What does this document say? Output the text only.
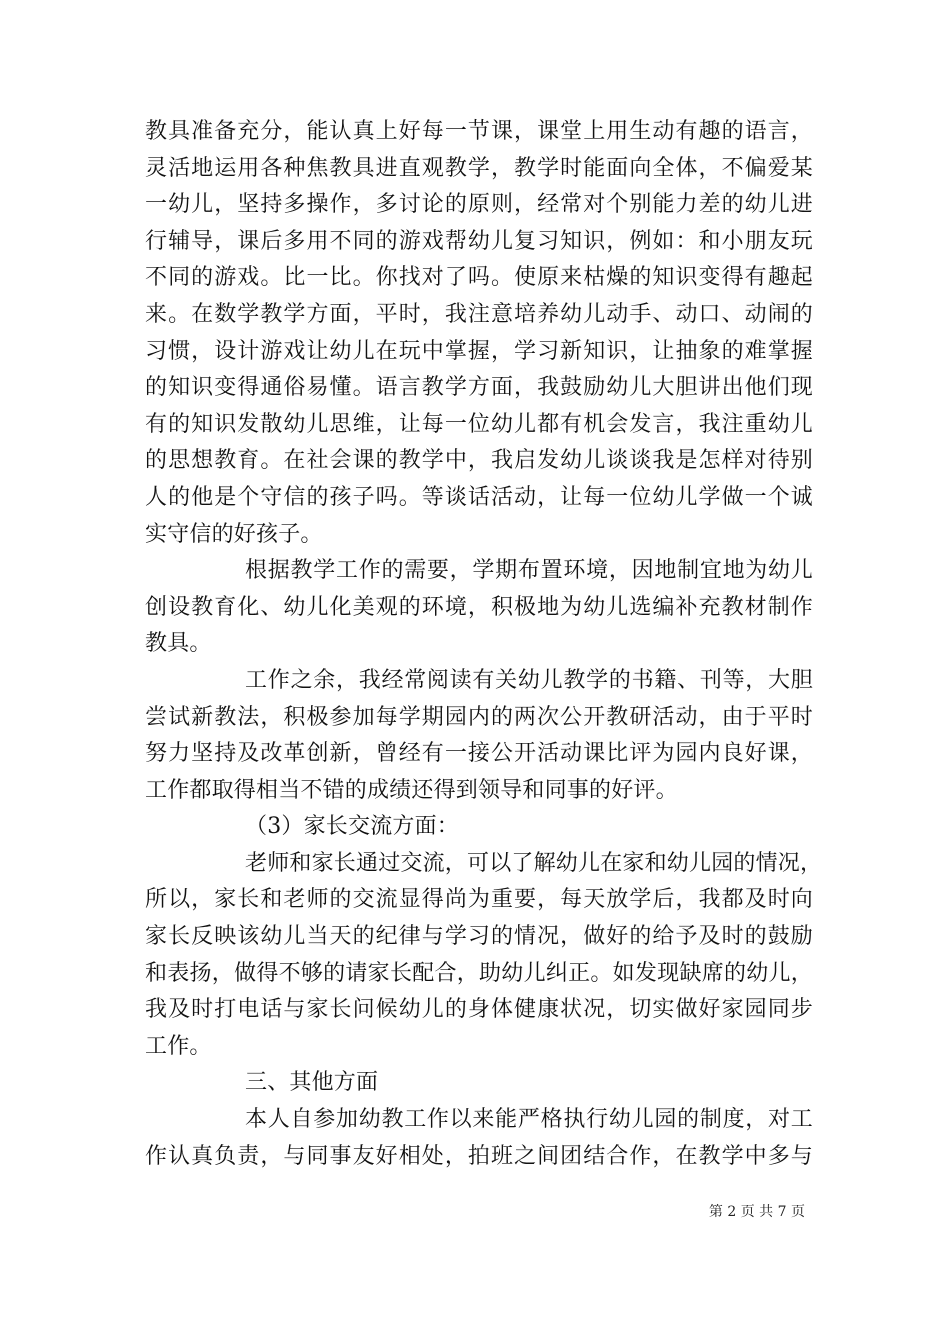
教具准备充分，能认真上好每一节课，课堂上用生动有趣的语言，
灵活地运用各种焦教具进直观教学，教学时能面向全体，不偏爱某
一幼儿，坚持多操作，多讨论的原则，经常对个别能力差的幼儿进
行辅导，课后多用不同的游戏帮幼儿复习知识，例如：和小朋友玩
不同的游戏。比一比。你找对了吗。使原来枯燥的知识变得有趣起
来。在数学教学方面，平时，我注意培养幼儿动手、动口、动闹的
习惯，设计游戏让幼儿在玩中掌握，学习新知识，让抽象的难掌握
的知识变得通俗易懂。语言教学方面，我鼓励幼儿大胆讲出他们现
有的知识发散幼儿思维，让每一位幼儿都有机会发言，我注重幼儿
的思想教育。在社会课的教学中，我启发幼儿谈谈我是怎样对待别
人的他是个守信的孩子吗。等谈话活动，让每一位幼儿学做一个诚
实守信的好孩子。
根据教学工作的需要，学期布置环境，因地制宜地为幼儿
创设教育化、幼儿化美观的环境，积极地为幼儿选编补充教材制作
教具。
工作之余，我经常阅读有关幼儿教学的书籍、刊等，大胆
尝试新教法，积极参加每学期园内的两次公开教研活动，由于平时
努力坚持及改革创新，曾经有一接公开活动课比评为园内良好课，
工作都取得相当不错的成绩还得到领导和同事的好评。
（3）家长交流方面：
老师和家长通过交流，可以了解幼儿在家和幼儿园的情况，
所以，家长和老师的交流显得尚为重要，每天放学后，我都及时向
家长反映该幼儿当天的纪律与学习的情况，做好的给予及时的鼓励
和表扬，做得不够的请家长配合，助幼儿纠正。如发现缺席的幼儿，
我及时打电话与家长问候幼儿的身体健康状况，切实做好家园同步
工作。
三、其他方面
本人自参加幼教工作以来能严格执行幼儿园的制度，对工
作认真负责，与同事友好相处，拍班之间团结合作，在教学中多与
第 2 页 共 7 页
